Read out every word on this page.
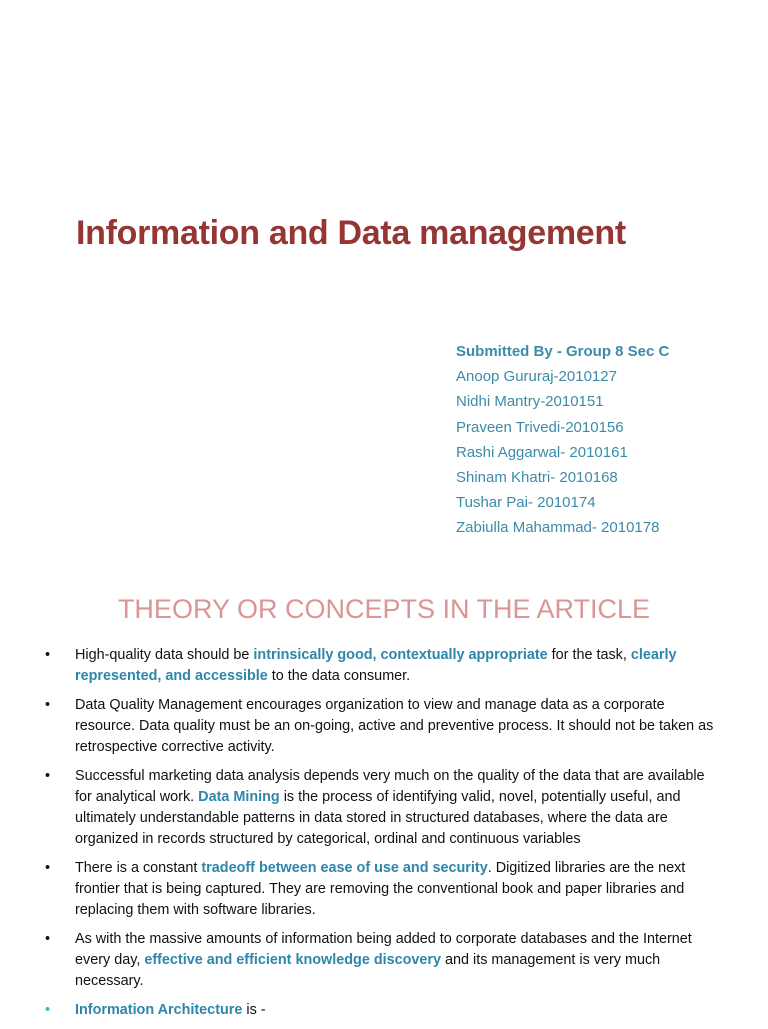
Information and Data management
Submitted By - Group 8 Sec C
Anoop Gururaj-2010127
Nidhi Mantry-2010151
Praveen Trivedi-2010156
Rashi Aggarwal- 2010161
Shinam Khatri- 2010168
Tushar Pai- 2010174
Zabiulla Mahammad- 2010178
THEORY OR CONCEPTS IN THE ARTICLE
• High-quality data should be intrinsically good, contextually appropriate for the task, clearly represented, and accessible to the data consumer.
• Data Quality Management encourages organization to view and manage data as a corporate resource. Data quality must be an on-going, active and preventive process. It should not be taken as retrospective corrective activity.
• Successful marketing data analysis depends very much on the quality of the data that are available for analytical work. Data Mining is the process of identifying valid, novel, potentially useful, and ultimately understandable patterns in data stored in structured databases, where the data are organized in records structured by categorical, ordinal and continuous variables
• There is a constant tradeoff between ease of use and security. Digitized libraries are the next frontier that is being captured. They are removing the conventional book and paper libraries and replacing them with software libraries.
• As with the massive amounts of information being added to corporate databases and the Internet every day, effective and efficient knowledge discovery and its management is very much necessary.
• Information Architecture is -
